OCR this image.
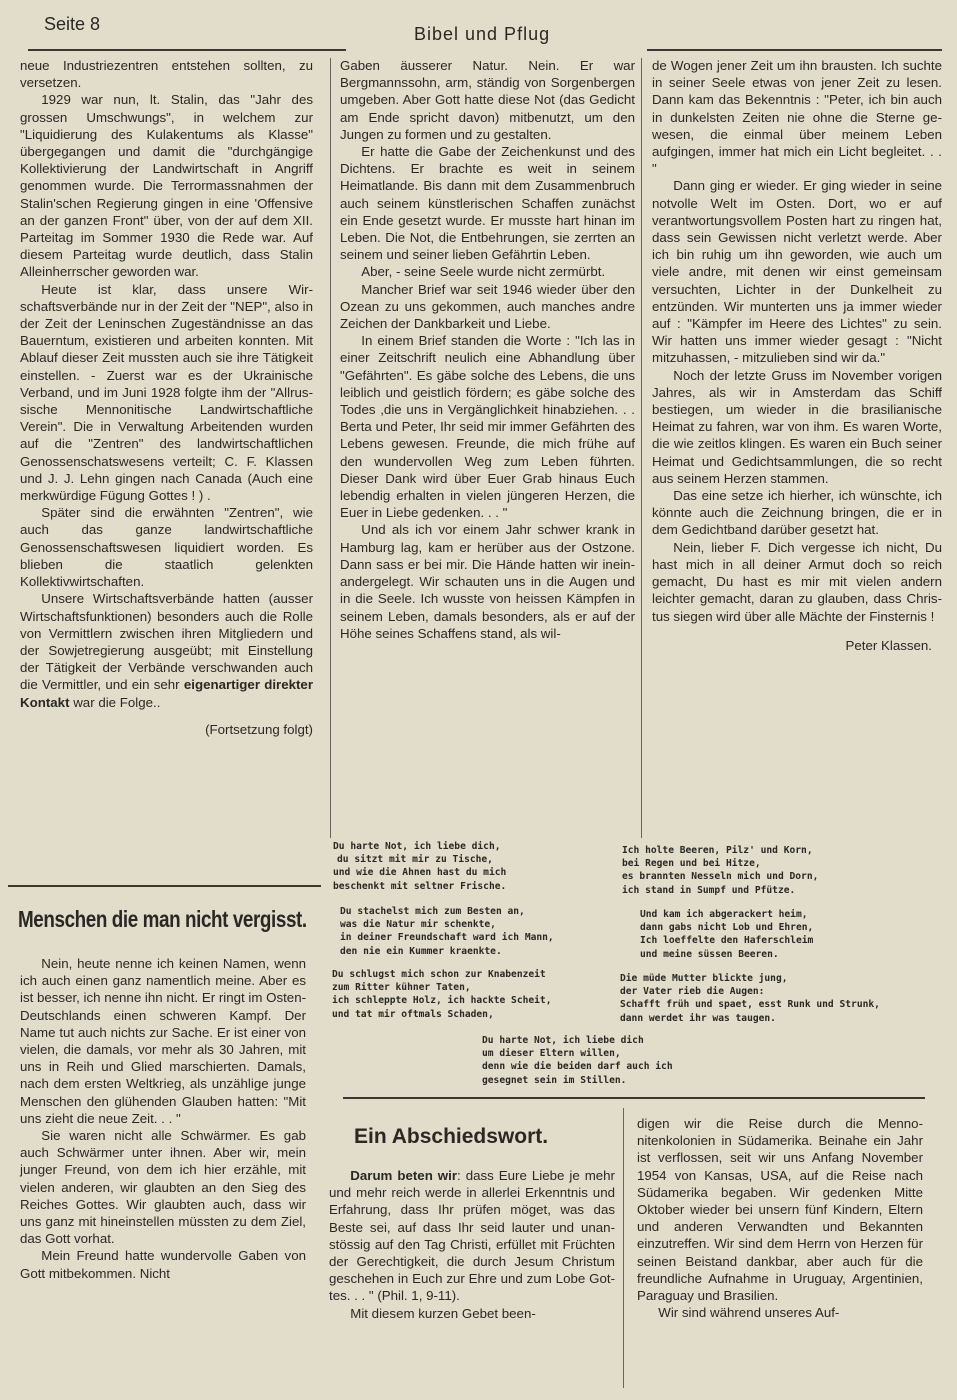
Seite 8	Bibel und Pflug

neue Industriezentren entstehen sollten, zu versetzen.

1929 war nun, lt. Stalin, das "Jahr des grossen Umschwungs", in welchem zur "Liquidierung des Kulakentums als Klasse" übergegangen und damit die "durchgängige Kollektivierung der Landwirtschaft in Angriff genommen wurde. Die Terrormassnahmen der Stalin'schen Regierung gingen in eine 'Offensive an der ganzen Front" über, von der auf dem XII. Parteitag im Sommer 1930 die Rede war. Auf diesem Parteitag wurde deutlich, dass Stalin Alleinherrscher geworden war.

Heute ist klar, dass unsere Wirschaftsverbände nur in der Zeit der "NEP", also in der Zeit der Leninschen Zugeständnisse an das Bauerntum, existieren und arbeiten konnten. Mit Ablauf dieser Zeit mussten auch sie ihre Tätigkeit einstellen. - Zuerst war es der Ukrainische Verband, und im Juni 1928 folgte ihm der "Allrussische Mennonitische Landwirtschaftliche Verein". Die in Verwaltung Arbeitenden wurden auf die "Zentren" des landwirtschaftlichen Genossenschatswesens verteilt; C. F. Klassen und J. J. Lehn gingen nach Canada (Auch eine merkwürdige Fügung Gottes ! ) .

Später sind die erwähnten "Zentren", wie auch das ganze landwirtschaftliche Genossenschaftswesen liquidiert worden. Es blieben die staatlich gelenkten Kollektivwirtschaften.

Unsere Wirtschaftsverbände hatten (ausser Wirtschaftsfunktionen) besonders auch die Rolle von Vermittlern zwischen ihren Mitgliedern und der Sowjetregierung ausgeübt; mit Einstellung der Tätigkeit der Verbände verschwanden auch die Vermittler, und ein sehr eigenartiger direkter Kontakt war die Folge..

(Fortsetzung folgt)

Gaben äusserer Natur. Nein. Er war Bergmannssohn, arm, ständig von Sorgenbergen umgeben. Aber Gott hatte diese Not (das Gedicht am Ende spricht davon) mitbenutzt, um den Jungen zu formen und zu gestalten.

Er hatte die Gabe der Zeichenkunst und des Dichtens. Er brachte es weit in seinem Heimatlande. Bis dann mit dem Zusammenbruch auch seinem künstlerischen Schaffen zunächst ein Ende gesetzt wurde. Er musste hart hinan im Leben. Die Not, die Entbehrungen, sie zerrten an seinem und seiner lieben Gefährtin Leben.

Aber, - seine Seele wurde nicht zermürbt.

Mancher Brief war seit 1946 wieder über den Ozean zu uns gekommen, auch manches andre Zeichen der Dankbarkeit und Liebe.

In einem Brief standen die Worte : "Ich las in einer Zeitschrift neulich eine Abhandlung über "Gefährten". Es gäbe solche des Lebens, die uns leiblich und geistlich fördern; es gäbe solche des Todes ,die uns in Vergänglichkeit hinabziehen. . . Berta und Peter, Ihr seid mir immer Gefährten des Lebens gewesen. Freunde, die mich frühe auf den wundervollen Weg zum Leben führten. Dieser Dank wird über Euer Grab hinaus Euch lebendig erhalten in vielen jüngeren Herzen, die Euer in Liebe gedenken. . . "

Und als ich vor einem Jahr schwer krank in Hamburg lag, kam er herüber aus der Ostzone. Dann sass er bei mir. Die Hände hatten wir ineinandergelegt. Wir schauten uns in die Augen und in die Seele. Ich wusste von heissen Kämpfen in seinem Leben, damals besonders, als er auf der Höhe seines Schaffens stand, als wil-

de Wogen jener Zeit um ihn brausten. Ich suchte in seiner Seele etwas von jener Zeit zu lesen. Dann kam das Bekenntnis : "Peter, ich bin auch in dunkelsten Zeiten nie ohne die Sterne gewesen, die einmal über meinem Leben aufgingen, immer hat mich ein Licht begleitet. . . "

Dann ging er wieder. Er ging wieder in seine notvolle Welt im Osten. Dort, wo er auf verantwortungsvollem Posten hart zu ringen hat, dass sein Gewissen nicht verletzt werde. Aber ich bin ruhig um ihn geworden, wie auch um viele andre, mit denen wir einst gemeinsam versuchten, Lichter in der Dunkelheit zu entzünden. Wir munterten uns ja immer wieder auf : "Kämpfer im Heere des Lichtes" zu sein. Wir hatten uns immer wieder gesagt : "Nicht mitzuhassen, - mitzulieben sind wir da."

Noch der letzte Gruss im November vorigen Jahres, als wir in Amsterdam das Schiff bestiegen, um wieder in die brasilianische Heimat zu fahren, war von ihm. Es waren Worte, die wie zeitlos klingen. Es waren ein Buch seiner Heimat und Gedichtsammlungen, die so recht aus seinem Herzen stammen.

Das eine setze ich hierher, ich wünschte, ich könnte auch die Zeichnung bringen, die er in dem Gedichtband darüber gesetzt hat.

Nein, lieber F. Dich vergesse ich nicht, Du hast mich in all deiner Armut doch so reich gemacht, Du hast es mir mit vielen andern leichter gemacht, daran zu glauben, dass Christus siegen wird über alle Mächte der Finsternis !

Peter Klassen.
Menschen die man nicht vergisst.

Nein, heute nenne ich keinen Namen, wenn ich auch einen ganz namentlich meine. Aber es ist besser, ich nenne ihn nicht. Er ringt im Osten-Deutschlands einen schweren Kampf. Der Name tut auch nichts zur Sache. Er ist einer von vielen, die damals, vor mehr als 30 Jahren, mit uns in Reih und Glied marschierten. Damals, nach dem ersten Weltkrieg, als unzählige junge Menschen den glühenden Glauben hatten: "Mit uns zieht die neue Zeit. . . "

Sie waren nicht alle Schwärmer. Es gab auch Schwärmer unter ihnen. Aber wir, mein junger Freund, von dem ich hier erzähle, mit vielen anderen, wir glaubten an den Sieg des Reiches Gottes. Wir glaubten auch, dass wir uns ganz mit hineinstellen müssten zu dem Ziel, das Gott vorhat.

Mein Freund hatte wundervolle Gaben von Gott mitbekommen. Nicht

Du harte Not, ich liebe dich,
du sitzt mit mir zu Tische,
und wie die Ahnen hast du mich
beschenkt mit seltner Frische.
Du stachelst mich zum Besten an,
was die Natur mir schenkte,
in deiner Freundschaft ward ich Mann,
den nie ein Kummer kraenkte.
Du schlugst mich schon zur Knabenzeit
zum Ritter kühner Taten,
ich schleppte Holz, ich hackte Scheit,
und tat mir oftmals Schaden,
Ich holte Beeren, Pilz' und Korn,
bei Regen und bei Hitze,
es brannten Nesseln mich und Dorn,
ich stand in Sumpf und Pfütze.
Und kam ich abgerackert heim,
dann gabs nicht Lob und Ehren,
Ich loeffelte den Haferschleim
und meine süssen Beeren.
Die müde Mutter blickte jung,
der Vater rieb die Augen:
Schafft früh und spaet, esst Runk und Strunk,
dann werdet ihr was taugen.
Du harte Not, ich liebe dich
um dieser Eltern willen,
denn wie die beiden darf auch ich
gesegnet sein im Stillen.
Ein Abschiedswort.

Darum beten wir: dass Eure Liebe je mehr und mehr reich werde in allerlei Erkenntnis und Erfahrung, dass Ihr prüfen möget, was das Beste sei, auf dass Ihr seid lauter und unanstössig auf den Tag Christi, erfüllet mit Früchten der Gerechtigkeit, die durch Jesum Christum geschehen in Euch zur Ehre und zum Lobe Gottes. . . " (Phil. 1, 9-11).

Mit diesem kurzen Gebet been-

digen wir die Reise durch die Mennonitenkolonien in Südamerika. Beinahe ein Jahr ist verflossen, seit wir uns Anfang November 1954 von Kansas, USA, auf die Reise nach Südamerika begaben. Wir gedenken Mitte Oktober wieder bei unsern fünf Kindern, Eltern und anderen Verwandten und Bekannten einzutreffen. Wir sind dem Herrn von Herzen für seinen Beistand dankbar, aber auch für die freundliche Aufnahme in Uruguay, Argentinien, Paraguay und Brasilien.

Wir sind während unseres Auf-
